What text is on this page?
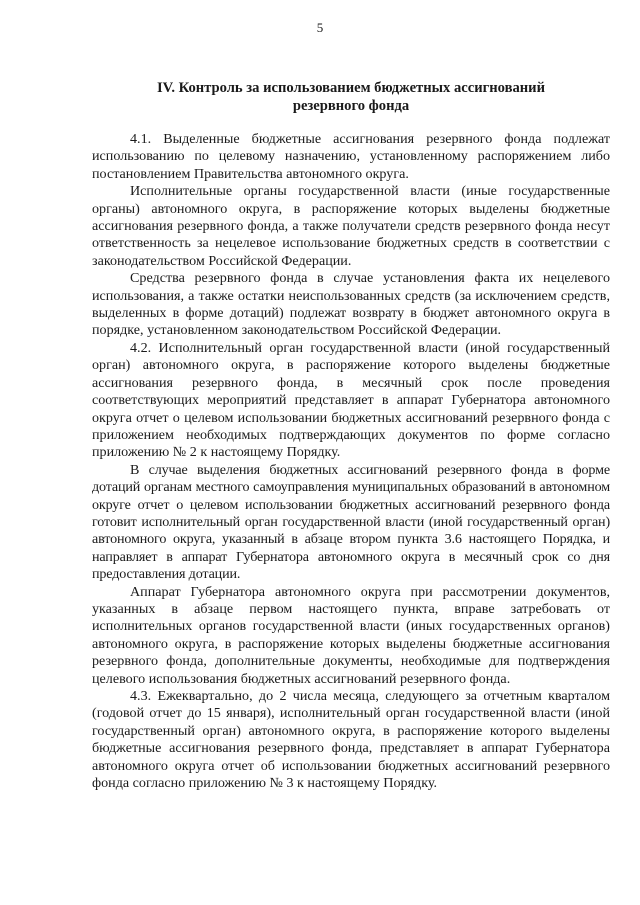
5
IV. Контроль за использованием бюджетных ассигнований
резервного фонда

4.1. Выделенные бюджетные ассигнования резервного фонда подлежат использованию по целевому назначению, установленному распоряжением либо постановлением Правительства автономного округа.

Исполнительные органы государственной власти (иные государственные органы) автономного округа, в распоряжение которых выделены бюджетные ассигнования резервного фонда, а также получатели средств резервного фонда несут ответственность за нецелевое использование бюджетных средств в соответствии с законодательством Российской Федерации.

Средства резервного фонда в случае установления факта их нецелевого использования, а также остатки неиспользованных средств (за исключением средств, выделенных в форме дотаций) подлежат возврату в бюджет автономного округа в порядке, установленном законодательством Российской Федерации.

4.2. Исполнительный орган государственной власти (иной государственный орган) автономного округа, в распоряжение которого выделены бюджетные ассигнования резервного фонда, в месячный срок после проведения соответствующих мероприятий представляет в аппарат Губернатора автономного округа отчет о целевом использовании бюджетных ассигнований резервного фонда с приложением необходимых подтверждающих документов по форме согласно приложению № 2 к настоящему Порядку.

В случае выделения бюджетных ассигнований резервного фонда в форме дотаций органам местного самоуправления муниципальных образований в автономном округе отчет о целевом использовании бюджетных ассигнований резервного фонда готовит исполнительный орган государственной власти (иной государственный орган) автономного округа, указанный в абзаце втором пункта 3.6 настоящего Порядка, и направляет в аппарат Губернатора автономного округа в месячный срок со дня предоставления дотации.

Аппарат Губернатора автономного округа при рассмотрении документов, указанных в абзаце первом настоящего пункта, вправе затребовать от исполнительных органов государственной власти (иных государственных органов) автономного округа, в распоряжение которых выделены бюджетные ассигнования резервного фонда, дополнительные документы, необходимые для подтверждения целевого использования бюджетных ассигнований резервного фонда.

4.3. Ежеквартально, до 2 числа месяца, следующего за отчетным кварталом (годовой отчет до 15 января), исполнительный орган государственной власти (иной государственный орган) автономного округа, в распоряжение которого выделены бюджетные ассигнования резервного фонда, представляет в аппарат Губернатора автономного округа отчет об использовании бюджетных ассигнований резервного фонда согласно приложению № 3 к настоящему Порядку.
